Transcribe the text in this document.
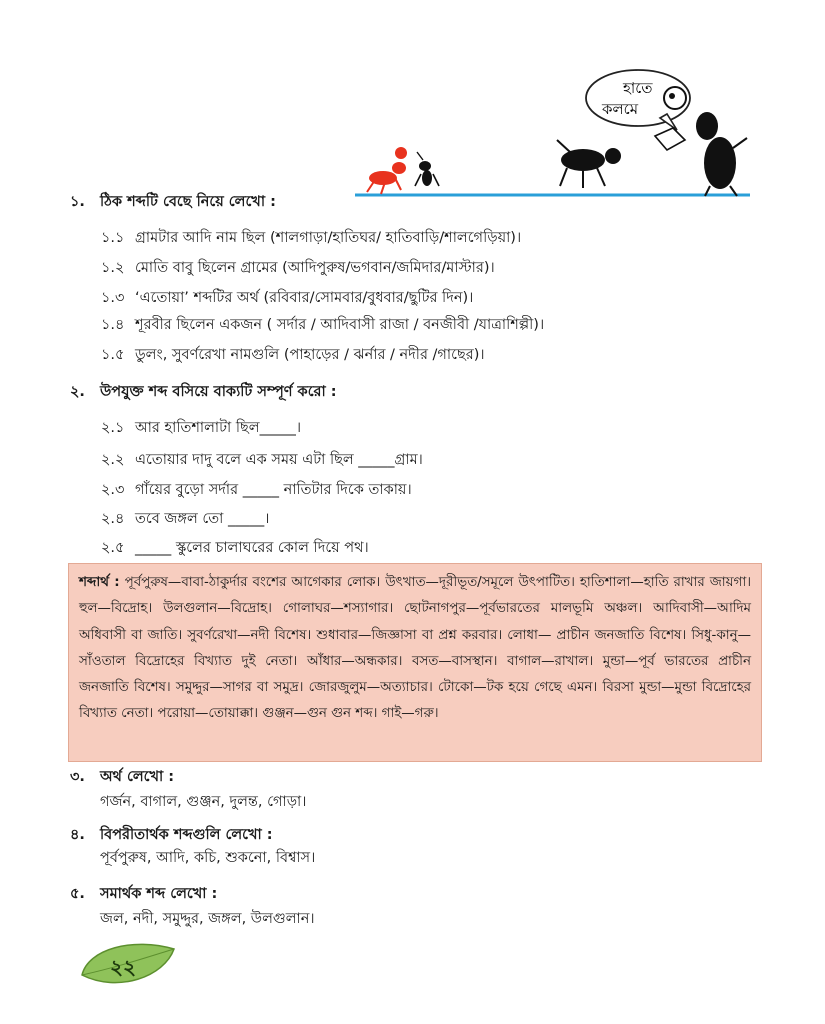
হাতে
কলমে
১. ঠিক শব্দটি বেছে নিয়ে লেখো :
১.১ গ্রামটার আদি নাম ছিল (শালগাড়া/হাতিঘর/ হাতিবাড়ি/শালগেড়িয়া)।
১.২ মোতি বাবু ছিলেন গ্রামের (আদিপুরুষ/ভগবান/জমিদার/মাস্টার)।
১.৩ ‘এতোয়া’ শব্দটির অর্থ (রবিবার/সোমবার/বুধবার/ছুটির দিন)।
১.৪ শূরবীর ছিলেন একজন ( সর্দার / আদিবাসী রাজা / বনজীবী /যাত্রাশিল্পী)।
১.৫ ডুলং, সুবর্ণরেখা নামগুলি (পাহাড়ের / ঝর্নার / নদীর /গাছের)।
২. উপযুক্ত শব্দ বসিয়ে বাক্যটি সম্পূর্ণ করো :
২.১ আর হাতিশালাটা ছিল_____।
২.২ এতোয়ার দাদু বলে এক সময় এটা ছিল _____গ্রাম।
২.৩ গাঁয়ের বুড়ো সর্দার _____ নাতিটার দিকে তাকায়।
২.৪ তবে জঙ্গল তো _____।
২.৫ _____ স্কুলের চালাঘরের কোল দিয়ে পথ।
শব্দার্থ : পূর্বপুরুষ—বাবা-ঠাকুর্দার বংশের আগেকার লোক। উৎখাত—দূরীভূত/সমূলে উৎপাটিত। হাতিশালা—হাতি রাখার জায়গা। হুল—বিদ্রোহ। উলগুলান—বিদ্রোহ। গোলাঘর—শস্যাগার। ছোটনাগপুর—পূর্বভারতের মালভূমি অঞ্চল। আদিবাসী—আদিম অধিবাসী বা জাতি। সুবর্ণরেখা—নদী বিশেষ। শুধাবার—জিজ্ঞাসা বা প্রশ্ন করবার। লোধা— প্রাচীন জনজাতি বিশেষ। সিধু-কানু—সাঁওতাল বিদ্রোহের বিখ্যাত দুই নেতা। আঁধার—অন্ধকার। বসত—বাসস্থান। বাগাল—রাখাল। মুন্ডা—পূর্ব ভারতের প্রাচীন জনজাতি বিশেষ। সমুদ্দুর—সাগর বা সমুদ্র। জোরজুলুম—অত্যাচার। টোকো—টক হয়ে গেছে এমন। বিরসা মুন্ডা—মুন্ডা বিদ্রোহের বিখ্যাত নেতা। পরোয়া—তোয়াক্কা। গুঞ্জন—গুন গুন শব্দ। গাই—গরু।
৩. অর্থ লেখো :
গর্জন, বাগাল, গুঞ্জন, দুলন্ত, গোড়া।
৪. বিপরীতার্থক শব্দগুলি লেখো :
পূর্বপুরুষ, আদি, কচি, শুকনো, বিশ্বাস।
৫. সমার্থক শব্দ লেখো :
জল, নদী, সমুদ্দুর, জঙ্গল, উলগুলান।
২২
